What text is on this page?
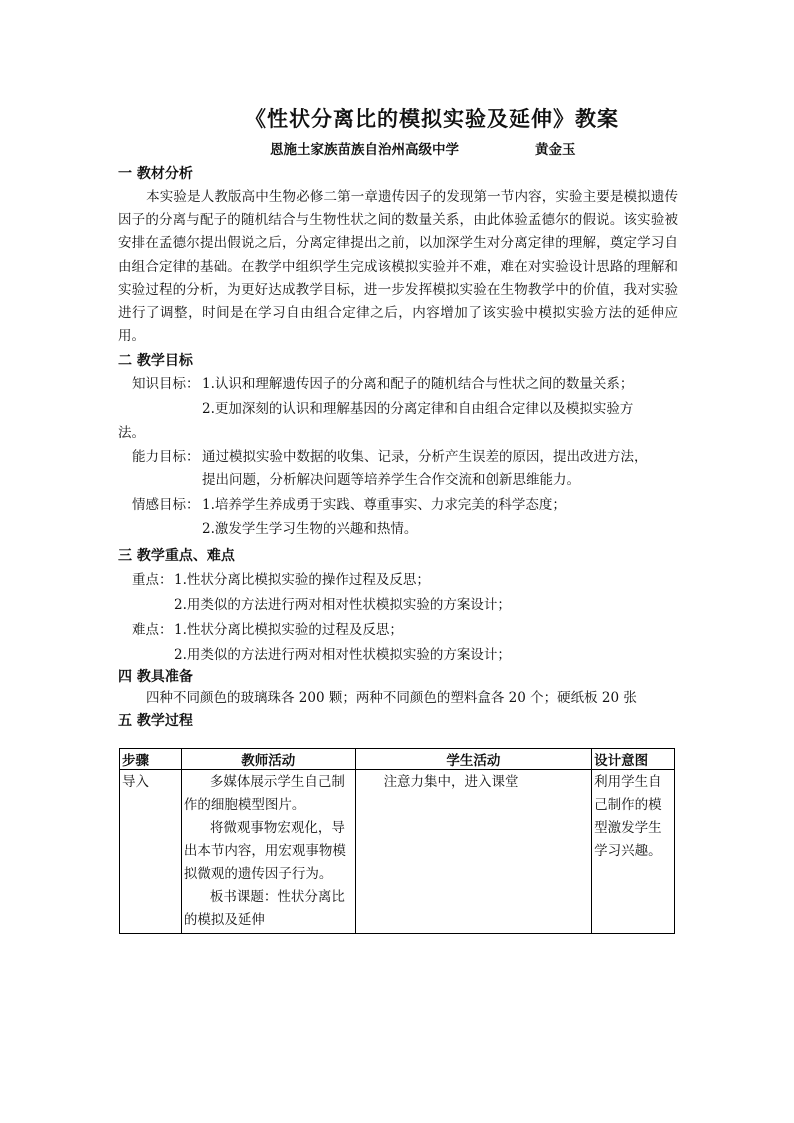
《性状分离比的模拟实验及延伸》教案
恩施土家族苗族自治州高级中学	黄金玉
一 教材分析
本实验是人教版高中生物必修二第一章遗传因子的发现第一节内容，实验主要是模拟遗传因子的分离与配子的随机结合与生物性状之间的数量关系，由此体验孟德尔的假说。该实验被安排在孟德尔提出假说之后，分离定律提出之前，以加深学生对分离定律的理解，奠定学习自由组合定律的基础。在教学中组织学生完成该模拟实验并不难，难在对实验设计思路的理解和实验过程的分析，为更好达成教学目标，进一步发挥模拟实验在生物教学中的价值，我对实验进行了调整，时间是在学习自由组合定律之后，内容增加了该实验中模拟实验方法的延伸应用。
二 教学目标
知识目标： 1.认识和理解遗传因子的分离和配子的随机结合与性状之间的数量关系；
2.更加深刻的认识和理解基因的分离定律和自由组合定律以及模拟实验方
法。
能力目标： 通过模拟实验中数据的收集、记录，分析产生误差的原因，提出改进方法，
提出问题，分析解决问题等培养学生合作交流和创新思维能力。
情感目标： 1.培养学生养成勇于实践、尊重事实、力求完美的科学态度；
2.激发学生学习生物的兴趣和热情。
三 教学重点、难点
重点： 1.性状分离比模拟实验的操作过程及反思；
2.用类似的方法进行两对相对性状模拟实验的方案设计；
难点： 1.性状分离比模拟实验的过程及反思；
2.用类似的方法进行两对相对性状模拟实验的方案设计；
四 教具准备
四种不同颜色的玻璃珠各 200 颗；两种不同颜色的塑料盒各 20 个；硬纸板 20 张
五 教学过程
步骤	教师活动	学生活动	设计意图
导入	多媒体展示学生自己制作的细胞模型图片。

将微观事物宏观化，导出本节内容，用宏观事物模拟微观的遗传因子行为。

板书课题：性状分离比的模拟及延伸	注意力集中，进入课堂	利用学生自己制作的模型激发学生学习兴趣。
